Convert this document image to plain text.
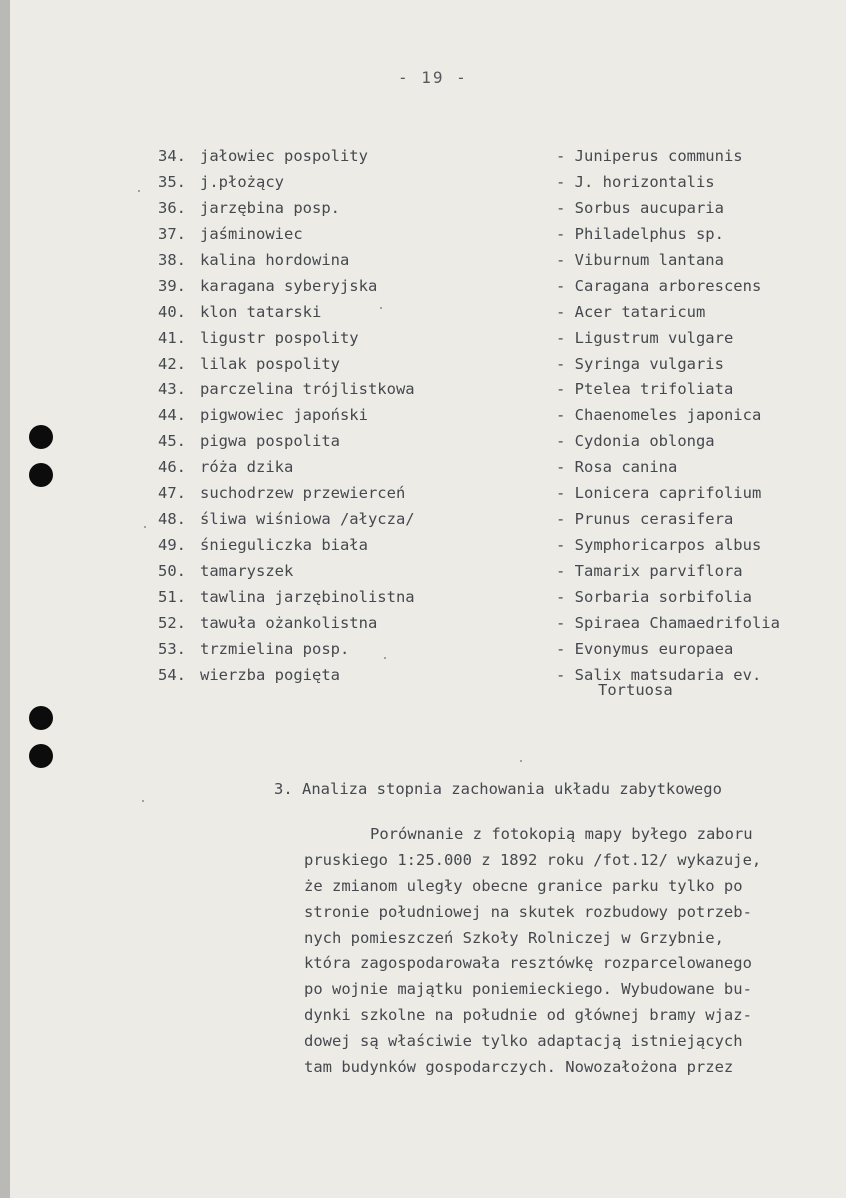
- 19 -
34. jałowiec pospolity	- Juniperus communis
35. j.płożący	- J. horizontalis
36. jarzębina posp.	- Sorbus aucuparia
37. jaśminowiec	- Philadelphus sp.
38. kalina hordowina	- Viburnum lantana
39. karagana syberyjska	- Caragana arborescens
40. klon tatarski	- Acer tataricum
41. ligustr pospolity	- Ligustrum vulgare
42. lilak pospolity	- Syringa vulgaris
43. parczelina trójlistkowa	- Ptelea trifoliata
44. pigwowiec japoński	- Chaenomeles japonica
45. pigwa pospolita	- Cydonia oblonga
46. róża dzika	- Rosa canina
47. suchodrzew przewierceń	- Lonicera caprifolium
48. śliwa wiśniowa /ałycza/	- Prunus cerasifera
49. śnieguliczka biała	- Symphoricarpos albus
50. tamaryszek	- Tamarix parviflora
51. tawlina jarzębinolistna	- Sorbaria sorbifolia
52. tawuła ożankolistna	- Spiraea Chamaedrifolia
53. trzmielina posp.	- Evonymus europaea
54. wierzba pogięta	- Salix matsudaria ev.
Tortuosa
3. Analiza stopnia zachowania układu zabytkowego
Porównanie z fotokopią mapy byłego zaboru
pruskiego 1:25.000 z 1892 roku /fot.12/ wykazuje,
że zmianom uległy obecne granice parku tylko po
stronie południowej na skutek rozbudowy potrzeb-
nych pomieszczeń Szkoły Rolniczej w Grzybnie,
która zagospodarowała resztówkę rozparcelowanego
po wojnie majątku poniemieckiego. Wybudowane bu-
dynki szkolne na południe od głównej bramy wjaz-
dowej są właściwie tylko adaptacją istniejących
tam budynków gospodarczych. Nowozałożona przez
